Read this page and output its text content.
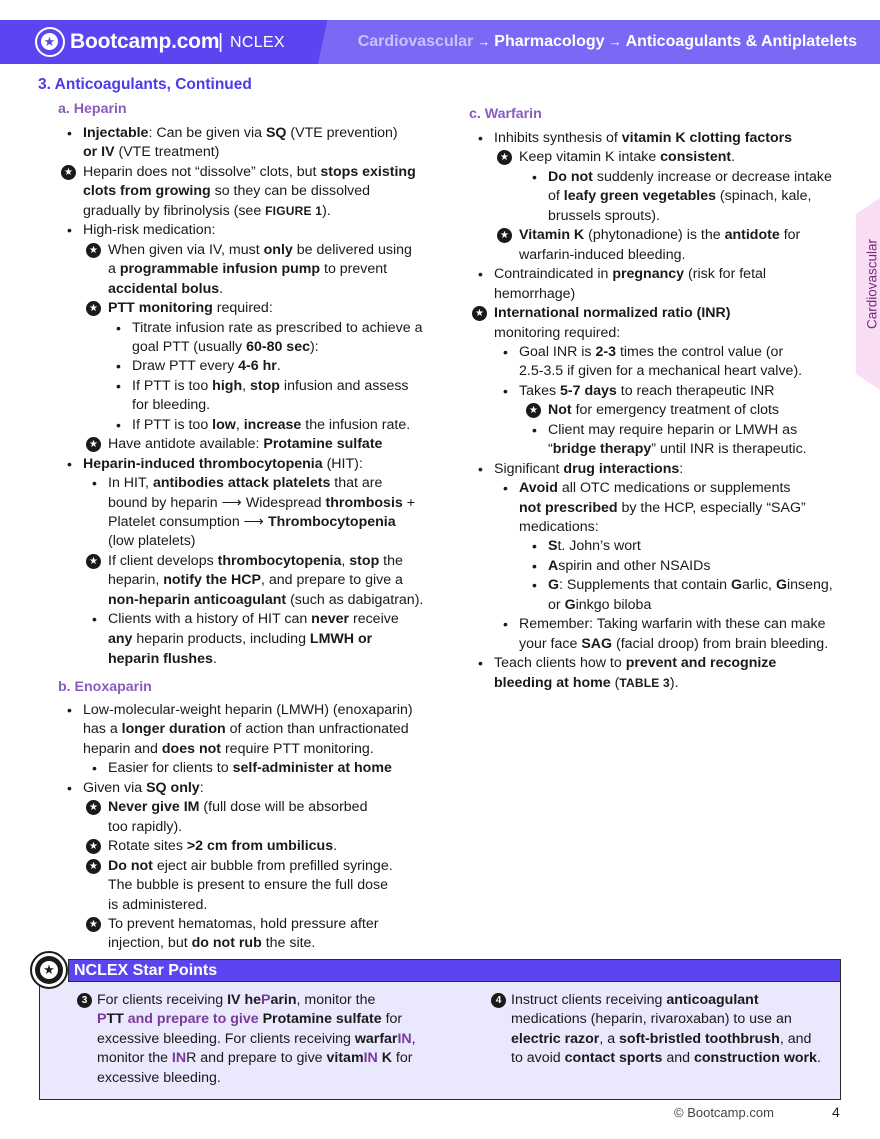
★ Bootcamp.com
| NCLEX	Cardiovascular → Pharmacology → Anticoagulants & Antiplatelets
Cardiovascular
3. Anticoagulants, Continued
a. Heparin
b. Enoxaparin
c. Warfarin
• Injectable: Can be given via SQ (VTE prevention)
or IV (VTE treatment)
★ Heparin does not “dissolve” clots, but stops existing
clots from growing so they can be dissolved
gradually by fibrinolysis (see FIGURE 1).
• High-risk medication:
★ When given via IV, must only be delivered using
a programmable infusion pump to prevent
accidental bolus.
★ PTT monitoring required:
• Titrate infusion rate as prescribed to achieve a
goal PTT (usually 60-80 sec):
• Draw PTT every 4-6 hr.
• If PTT is too high, stop infusion and assess
for bleeding.
• If PTT is too low, increase the infusion rate.
★ Have antidote available: Protamine sulfate
• Heparin-induced thrombocytopenia (HIT):
• In HIT, antibodies attack platelets that are
bound by heparin ⟶ Widespread thrombosis +
Platelet consumption ⟶ Thrombocytopenia
(low platelets)
★ If client develops thrombocytopenia, stop the
heparin, notify the HCP, and prepare to give a
non-heparin anticoagulant (such as dabigatran).
• Clients with a history of HIT can never receive
any heparin products, including LMWH or
heparin flushes.
• Low-molecular-weight heparin (LMWH) (enoxaparin)
has a longer duration of action than unfractionated
heparin and does not require PTT monitoring.
• Easier for clients to self-administer at home
• Given via SQ only:
★ Never give IM (full dose will be absorbed
too rapidly).
★ Rotate sites >2 cm from umbilicus.
★ Do not eject air bubble from prefilled syringe.
The bubble is present to ensure the full dose
is administered.
★ To prevent hematomas, hold pressure after
injection, but do not rub the site.
• Inhibits synthesis of vitamin K clotting factors
★ Keep vitamin K intake consistent.
• Do not suddenly increase or decrease intake
of leafy green vegetables (spinach, kale,
brussels sprouts).
★ Vitamin K (phytonadione) is the antidote for
warfarin-induced bleeding.
• Contraindicated in pregnancy (risk for fetal
hemorrhage)
★ International normalized ratio (INR)
monitoring required:
• Goal INR is 2-3 times the control value (or
2.5-3.5 if given for a mechanical heart valve).
• Takes 5-7 days to reach therapeutic INR
★ Not for emergency treatment of clots
• Client may require heparin or LMWH as
“bridge therapy” until INR is therapeutic.
• Significant drug interactions:
• Avoid all OTC medications or supplements
not prescribed by the HCP, especially “SAG”
medications:
• St. John’s wort
• Aspirin and other NSAIDs
• G: Supplements that contain Garlic, Ginseng,
or Ginkgo biloba
• Remember: Taking warfarin with these can make
your face SAG (facial droop) from brain bleeding.
• Teach clients how to prevent and recognize
bleeding at home (TABLE 3).
★ NCLEX Star Points
3 For clients receiving IV heParin, monitor the
PTT and prepare to give Protamine sulfate for
excessive bleeding. For clients receiving warfarIN,
monitor the INR and prepare to give vitamIN K for
excessive bleeding.
4 Instruct clients receiving anticoagulant
medications (heparin, rivaroxaban) to use an
electric razor, a soft-bristled toothbrush, and
to avoid contact sports and construction work.
© Bootcamp.com	4
